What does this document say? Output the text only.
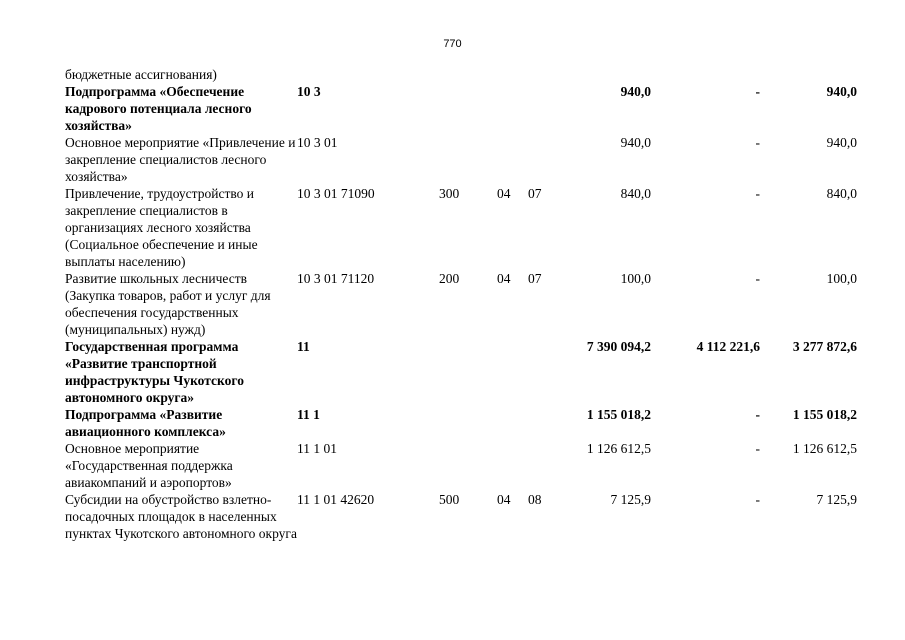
770
бюджетные ассигнования)							
Подпрограмма «Обеспечение кадрового потенциала лесного хозяйства»	10 3				940,0	-	940,0
Основное мероприятие «Привлечение и закрепление специалистов лесного хозяйства»	10 3 01				940,0	-	940,0
Привлечение, трудоустройство и закрепление специалистов в организациях лесного хозяйства (Социальное обеспечение и иные выплаты населению)	10 3 01 71090	300	04	07	840,0	-	840,0
Развитие школьных лесничеств (Закупка товаров, работ и услуг для обеспечения государственных (муниципальных) нужд)	10 3 01 71120	200	04	07	100,0	-	100,0
Государственная программа «Развитие транспортной инфраструктуры Чукотского автономного округа»	11				7 390 094,2	4 112 221,6	3 277 872,6
Подпрограмма «Развитие авиационного комплекса»	11 1				1 155 018,2	-	1 155 018,2
Основное мероприятие «Государственная поддержка авиакомпаний и аэропортов»	11 1 01				1 126 612,5	-	1 126 612,5
Субсидии на обустройство взлетно-посадочных площадок в населенных пунктах Чукотского автономного округа	11 1 01 42620	500	04	08	7 125,9	-	7 125,9
